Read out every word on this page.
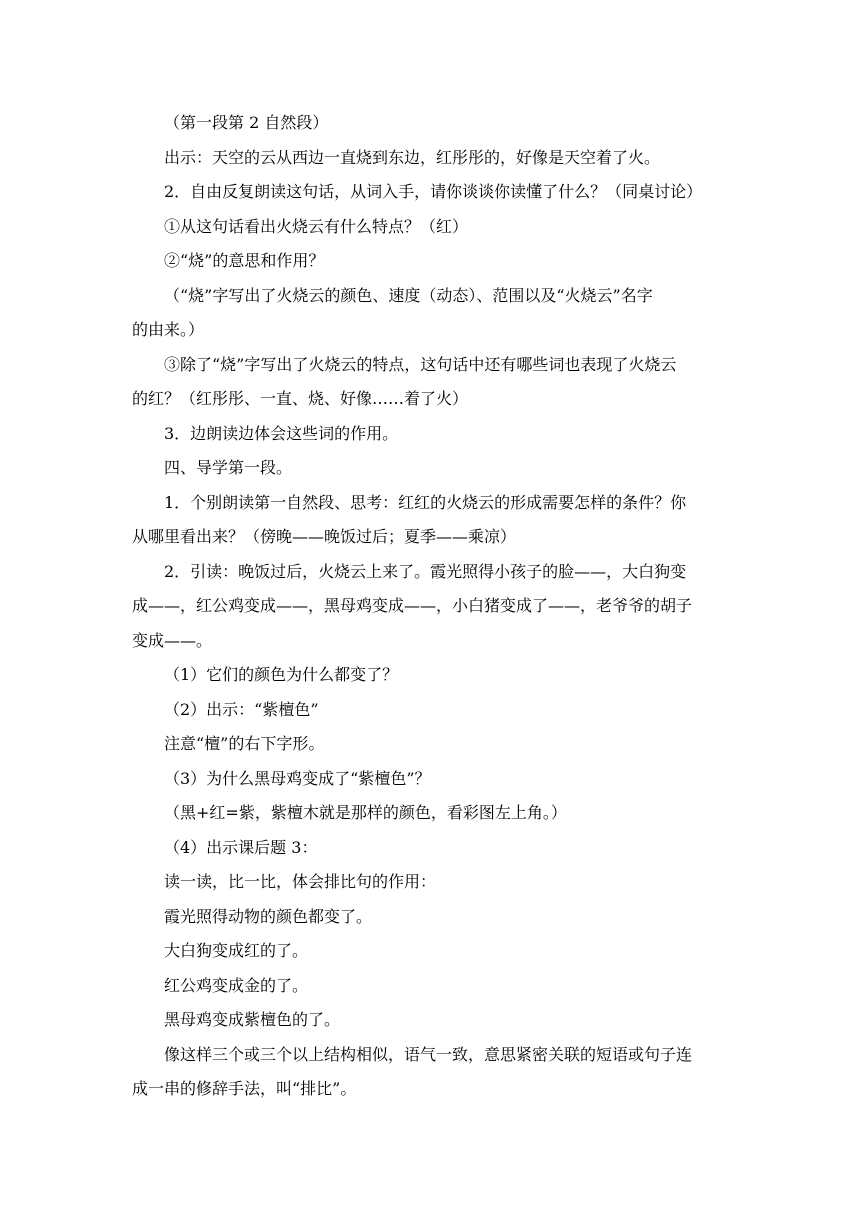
（第一段第 2 自然段）
出示：天空的云从西边一直烧到东边，红彤彤的，好像是天空着了火。
2．自由反复朗读这句话，从词入手，请你谈谈你读懂了什么？（同桌讨论）
①从这句话看出火烧云有什么特点？（红）
②“烧”的意思和作用？
（“烧”字写出了火烧云的颜色、速度（动态）、范围以及“火烧云”名字
的由来。）
③除了“烧”字写出了火烧云的特点，这句话中还有哪些词也表现了火烧云
的红？（红彤彤、一直、烧、好像……着了火）
3．边朗读边体会这些词的作用。
四、导学第一段。
1．个别朗读第一自然段、思考：红红的火烧云的形成需要怎样的条件？你
从哪里看出来？（傍晚——晚饭过后；夏季——乘凉）
2．引读：晚饭过后，火烧云上来了。霞光照得小孩子的脸——，大白狗变
成——，红公鸡变成——，黑母鸡变成——，小白猪变成了——，老爷爷的胡子
变成——。
（1）它们的颜色为什么都变了？
（2）出示：“紫檀色”
注意“檀”的右下字形。
（3）为什么黑母鸡变成了“紫檀色”？
（黑+红=紫，紫檀木就是那样的颜色，看彩图左上角。）
（4）出示课后题 3：
读一读，比一比，体会排比句的作用：
霞光照得动物的颜色都变了。
大白狗变成红的了。
红公鸡变成金的了。
黑母鸡变成紫檀色的了。
像这样三个或三个以上结构相似，语气一致，意思紧密关联的短语或句子连
成一串的修辞手法，叫“排比”。
